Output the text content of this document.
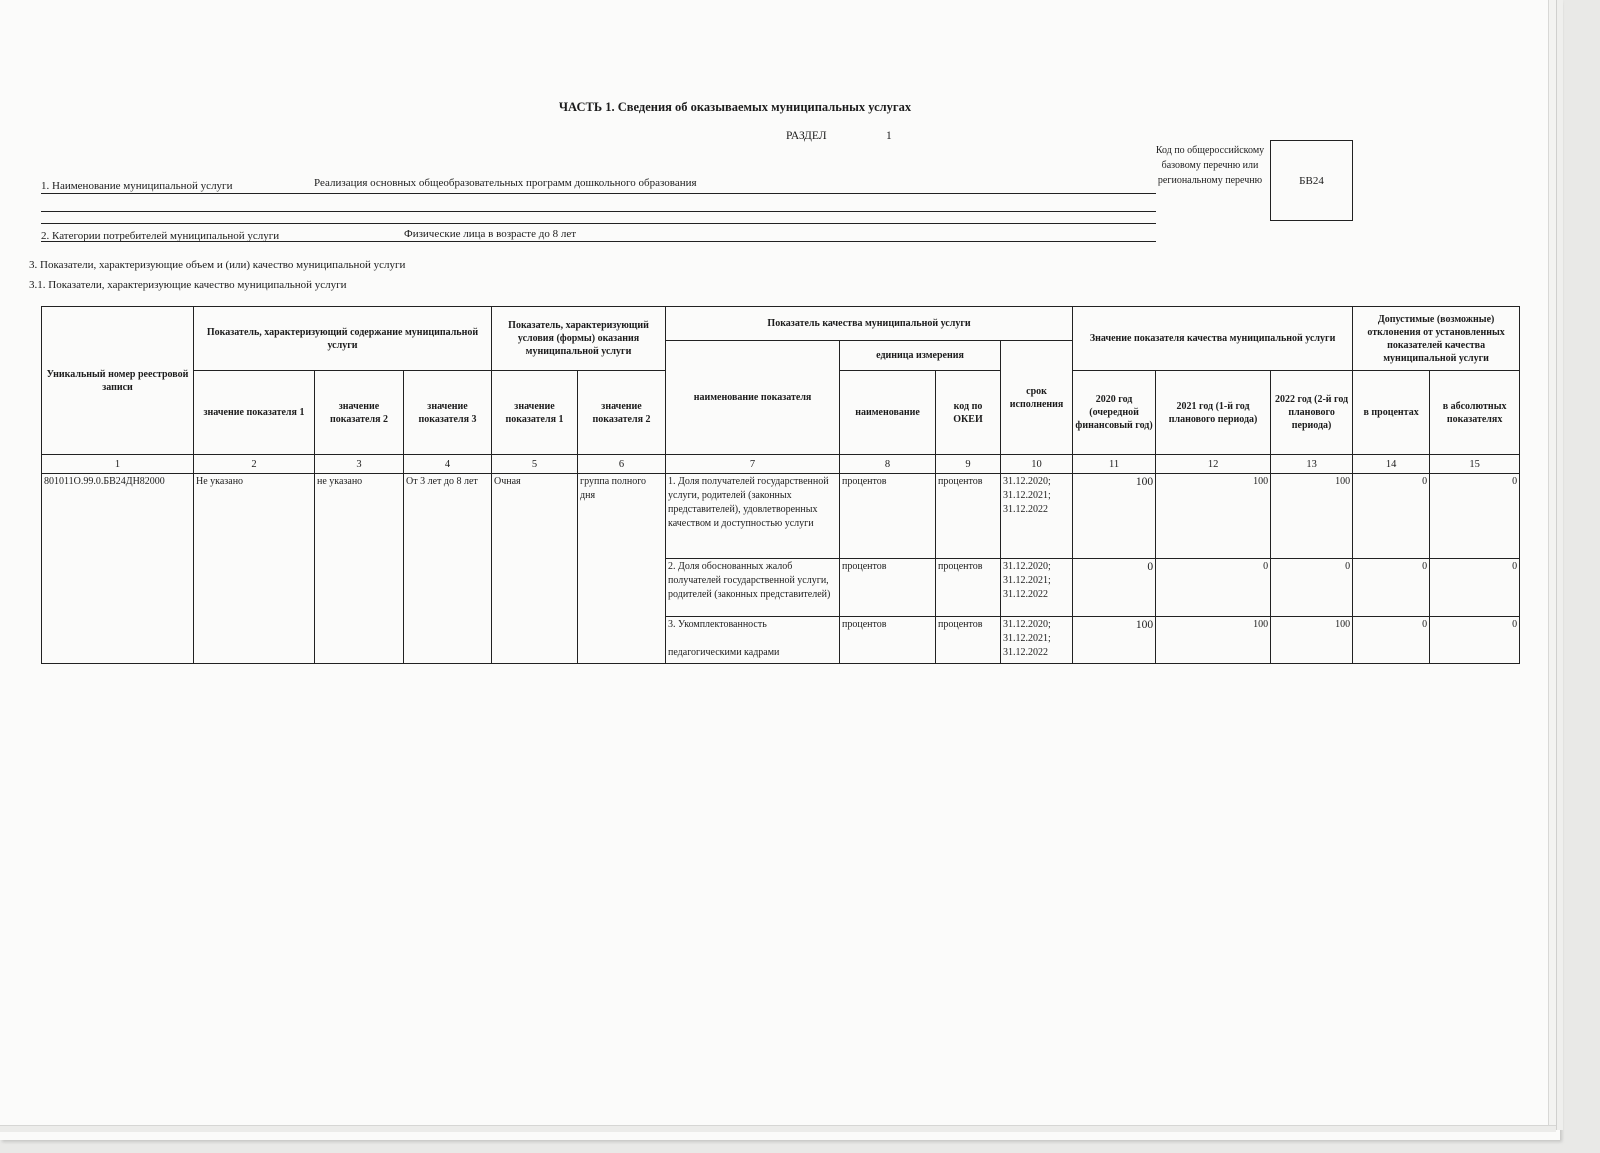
ЧАСТЬ 1. Сведения об оказываемых муниципальных услугах
РАЗДЕЛ	1
1. Наименование муниципальной услуги	Реализация основных общеобразовательных программ дошкольного образования
Код по общероссийскому базовому перечню или региональному перечню	БВ24
2. Категории потребителей муниципальной услуги	Физические лица в возрасте до 8 лет
3. Показатели, характеризующие объем и (или) качество муниципальной услуги
3.1. Показатели, характеризующие качество муниципальной услуги
Уникальный номер реестровой записи	Показатель, характеризующий содержание муниципальной услуги			Показатель, характеризующий условия (формы) оказания муниципальной услуги		Показатель качества муниципальной услуги				Значение показателя качества муниципальной услуги			Допустимые (возможные) отклонения от установленных показателей качества муниципальной услуги	
						наименование показателя	единица измерения		срок исполнения					
	значение показателя 1	значение показателя 2	значение показателя 3	значение показателя 1	значение показателя 2		наименование	код по ОКЕИ		2020 год (очередной финансовый год)	2021 год (1-й год планового периода)	2022 год (2-й год планового периода)	в процентах	в абсолютных показателях
1	2	3	4	5	6	7	8	9	10	11	12	13	14	15
801011О.99.0.БВ24ДН82000	Не указано	не указано	От 3 лет до 8 лет	Очная	группа полного дня	1. Доля получателей государственной услуги, родителей (законных представителей), удовлетворенных качеством и доступностью услуги	процентов	процентов	31.12.2020; 31.12.2021; 31.12.2022	100	100	100	0	0

						2. Доля обоснованных жалоб получателей государственной услуги, родителей (законных представителей)	процентов	процентов	31.12.2020; 31.12.2021; 31.12.2022	0	0	0	0	0

						3. Укомплектованность
педагогическими кадрами	процентов	процентов	31.12.2020; 31.12.2021; 31.12.2022	100	100	100	0	0
